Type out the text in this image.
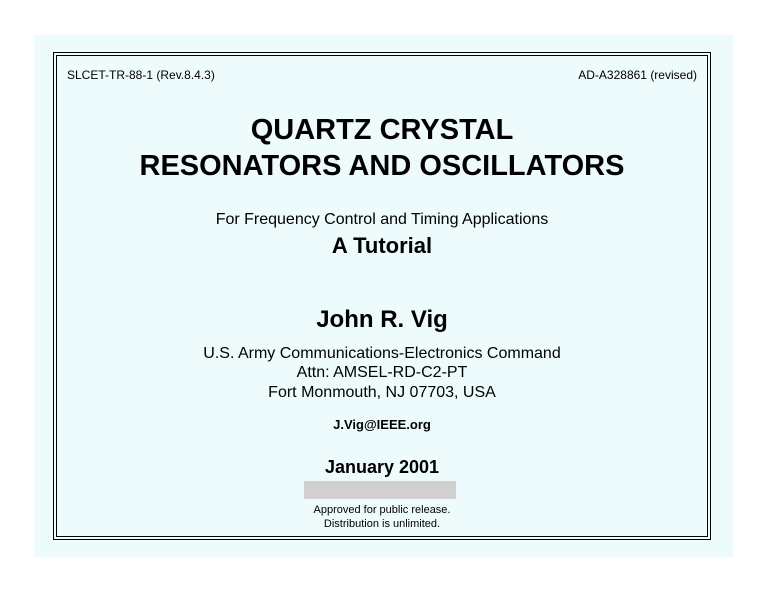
SLCET-TR-88-1 (Rev.8.4.3)	AD-A328861 (revised)
QUARTZ CRYSTAL
RESONATORS AND OSCILLATORS
For Frequency Control and Timing Applications
A Tutorial
John R. Vig
U.S. Army Communications-Electronics Command
Attn: AMSEL-RD-C2-PT
Fort Monmouth, NJ 07703, USA
J.Vig@IEEE.org
January 2001
Approved for public release.
Distribution is unlimited.
